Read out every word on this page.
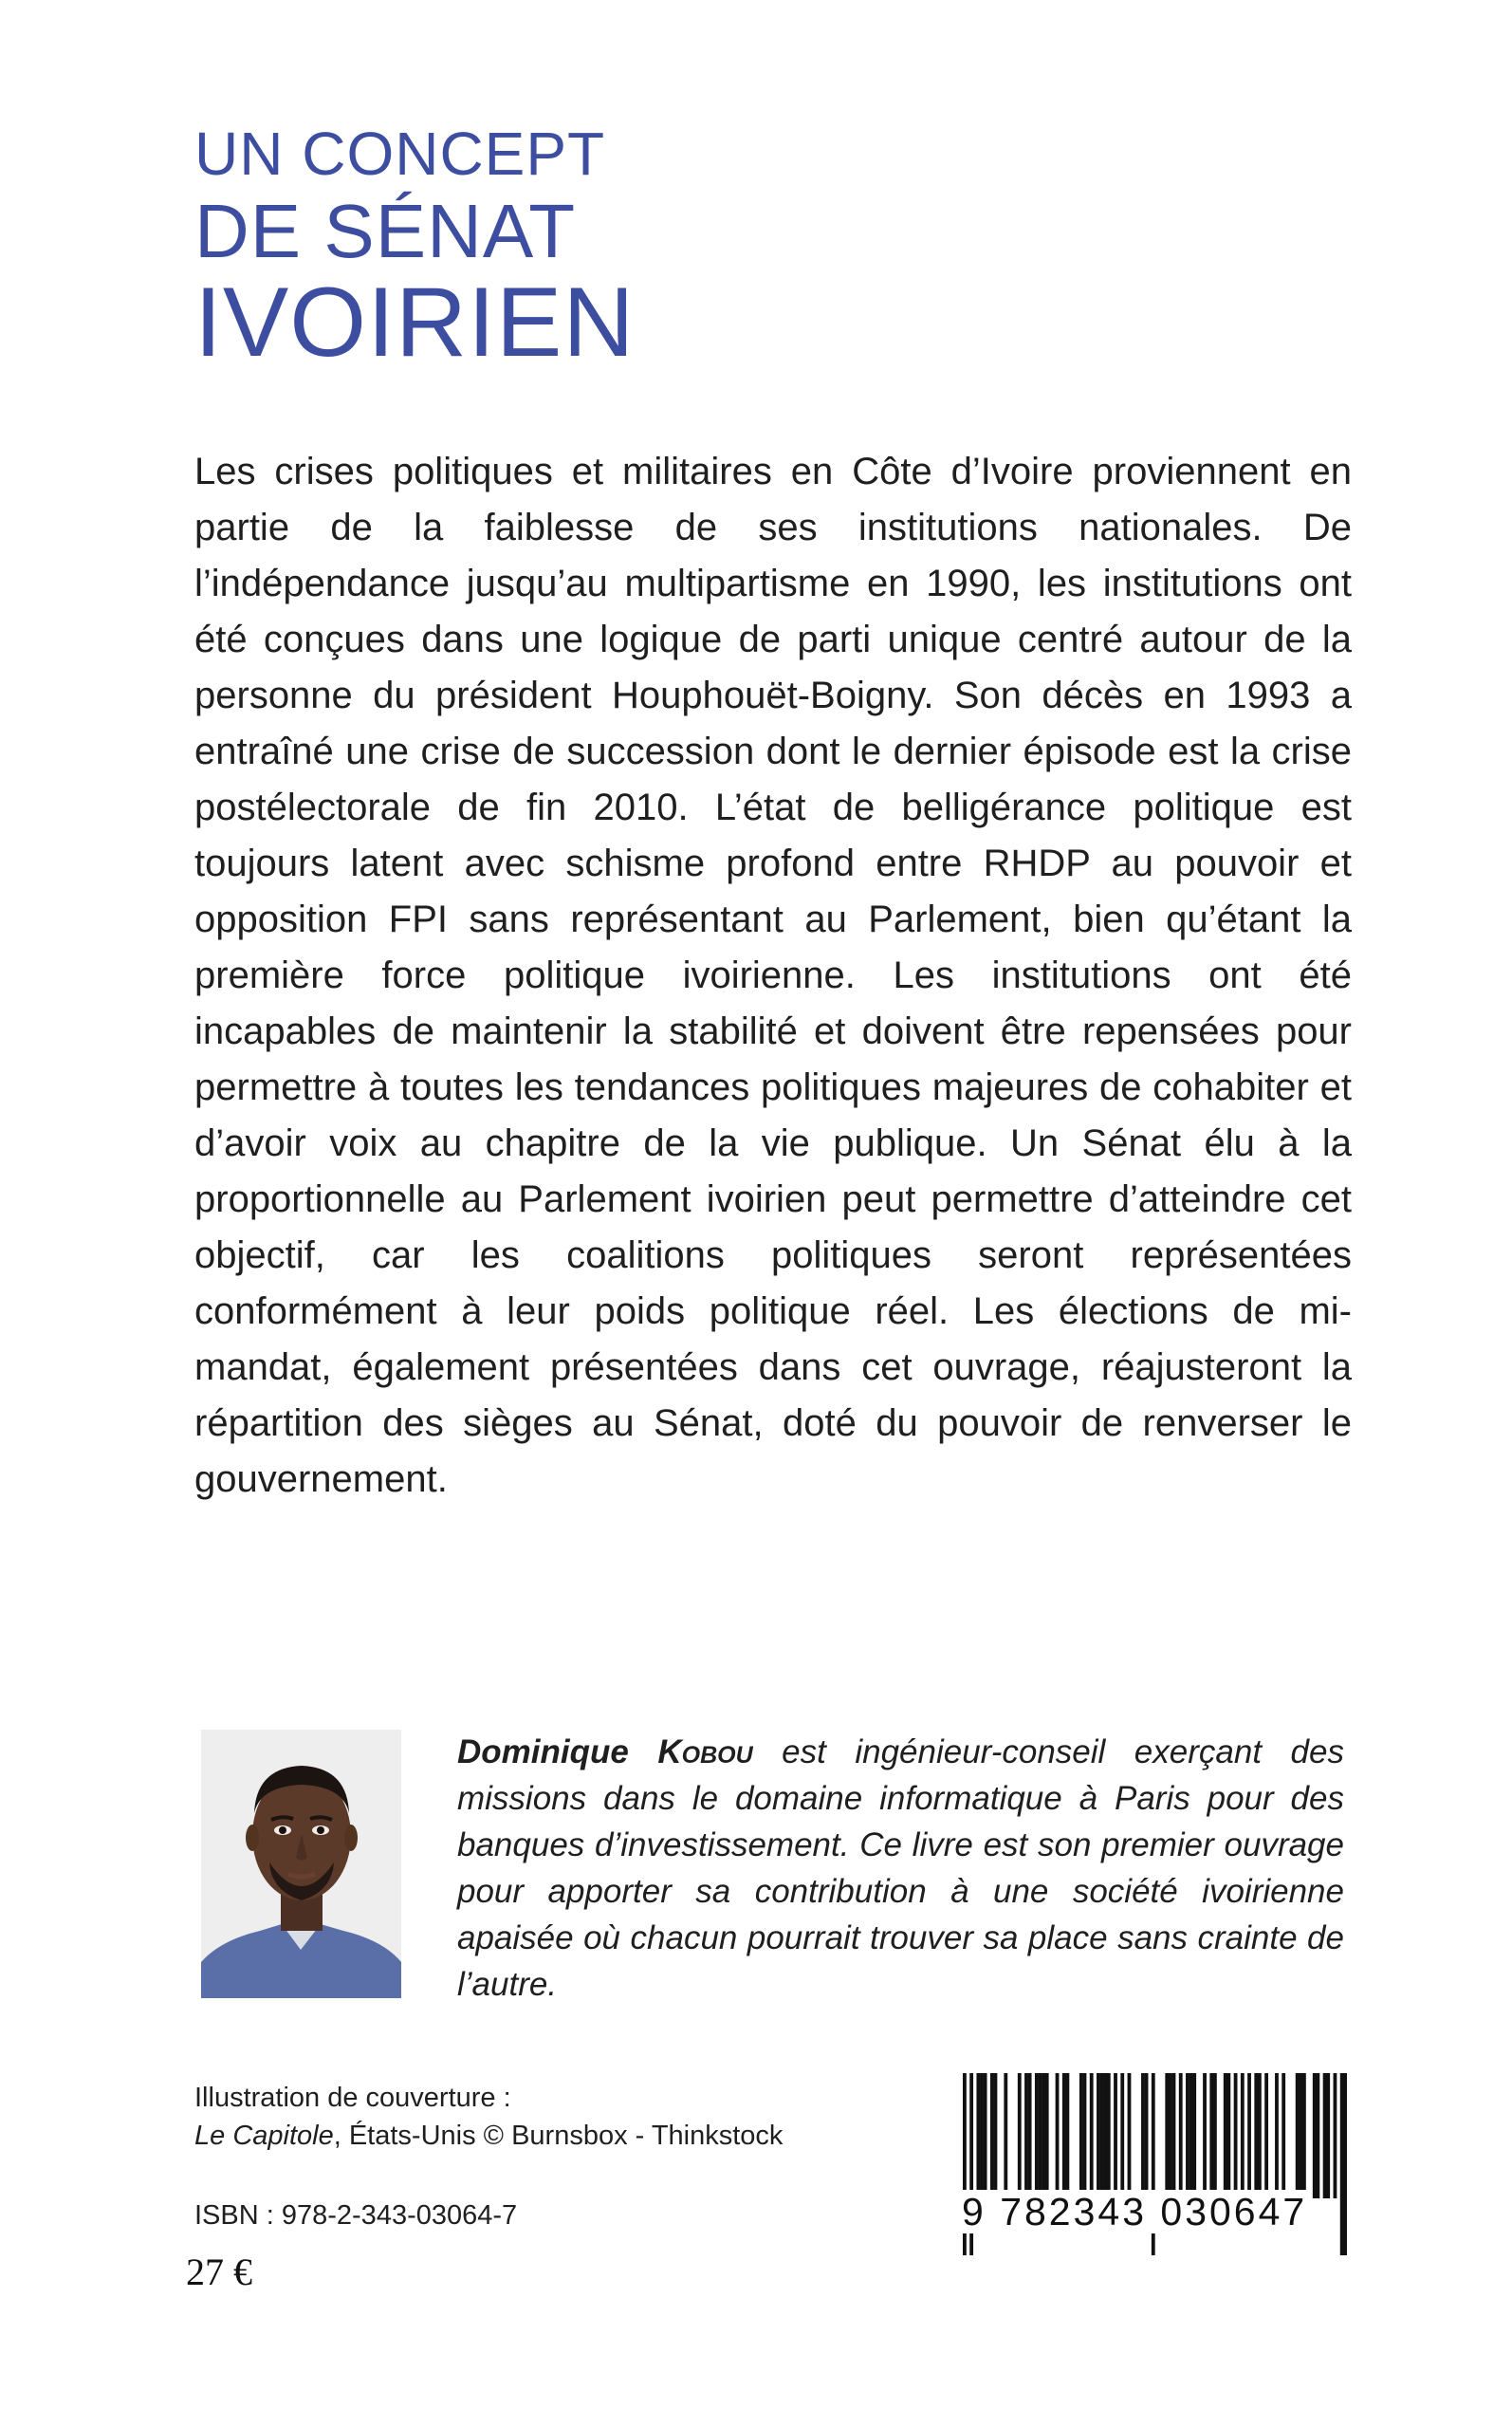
UN CONCEPT
DE SÉNAT
IVOIRIEN

Les crises politiques et militaires en Côte d’Ivoire proviennent en partie de la faiblesse de ses institutions nationales. De l’indépendance jusqu’au multipartisme en 1990, les institutions ont été conçues dans une logique de parti unique centré autour de la personne du président Houphouët-Boigny. Son décès en 1993 a entraîné une crise de succession dont le dernier épisode est la crise postélectorale de fin 2010. L’état de belligérance politique est toujours latent avec schisme profond entre RHDP au pouvoir et opposition FPI sans représentant au Parlement, bien qu’étant la première force politique ivoirienne. Les institutions ont été incapables de maintenir la stabilité et doivent être repensées pour permettre à toutes les tendances politiques majeures de cohabiter et d’avoir voix au chapitre de la vie publique. Un Sénat élu à la proportionnelle au Parlement ivoirien peut permettre d’atteindre cet objectif, car les coalitions politiques seront représentées conformément à leur poids politique réel. Les élections de mi-mandat, également présentées dans cet ouvrage, réajusteront la répartition des sièges au Sénat, doté du pouvoir de renverser le gouvernement.

Dominique Kobou est ingénieur-conseil exerçant des missions dans le domaine informatique à Paris pour des banques d’investissement. Ce livre est son premier ouvrage pour apporter sa contribution à une société ivoirienne apaisée où chacun pourrait trouver sa place sans crainte de l’autre.

Illustration de couverture :
Le Capitole, États-Unis © Burnsbox - Thinkstock
ISBN : 978-2-343-03064-7
27 €
9 782343 030647
